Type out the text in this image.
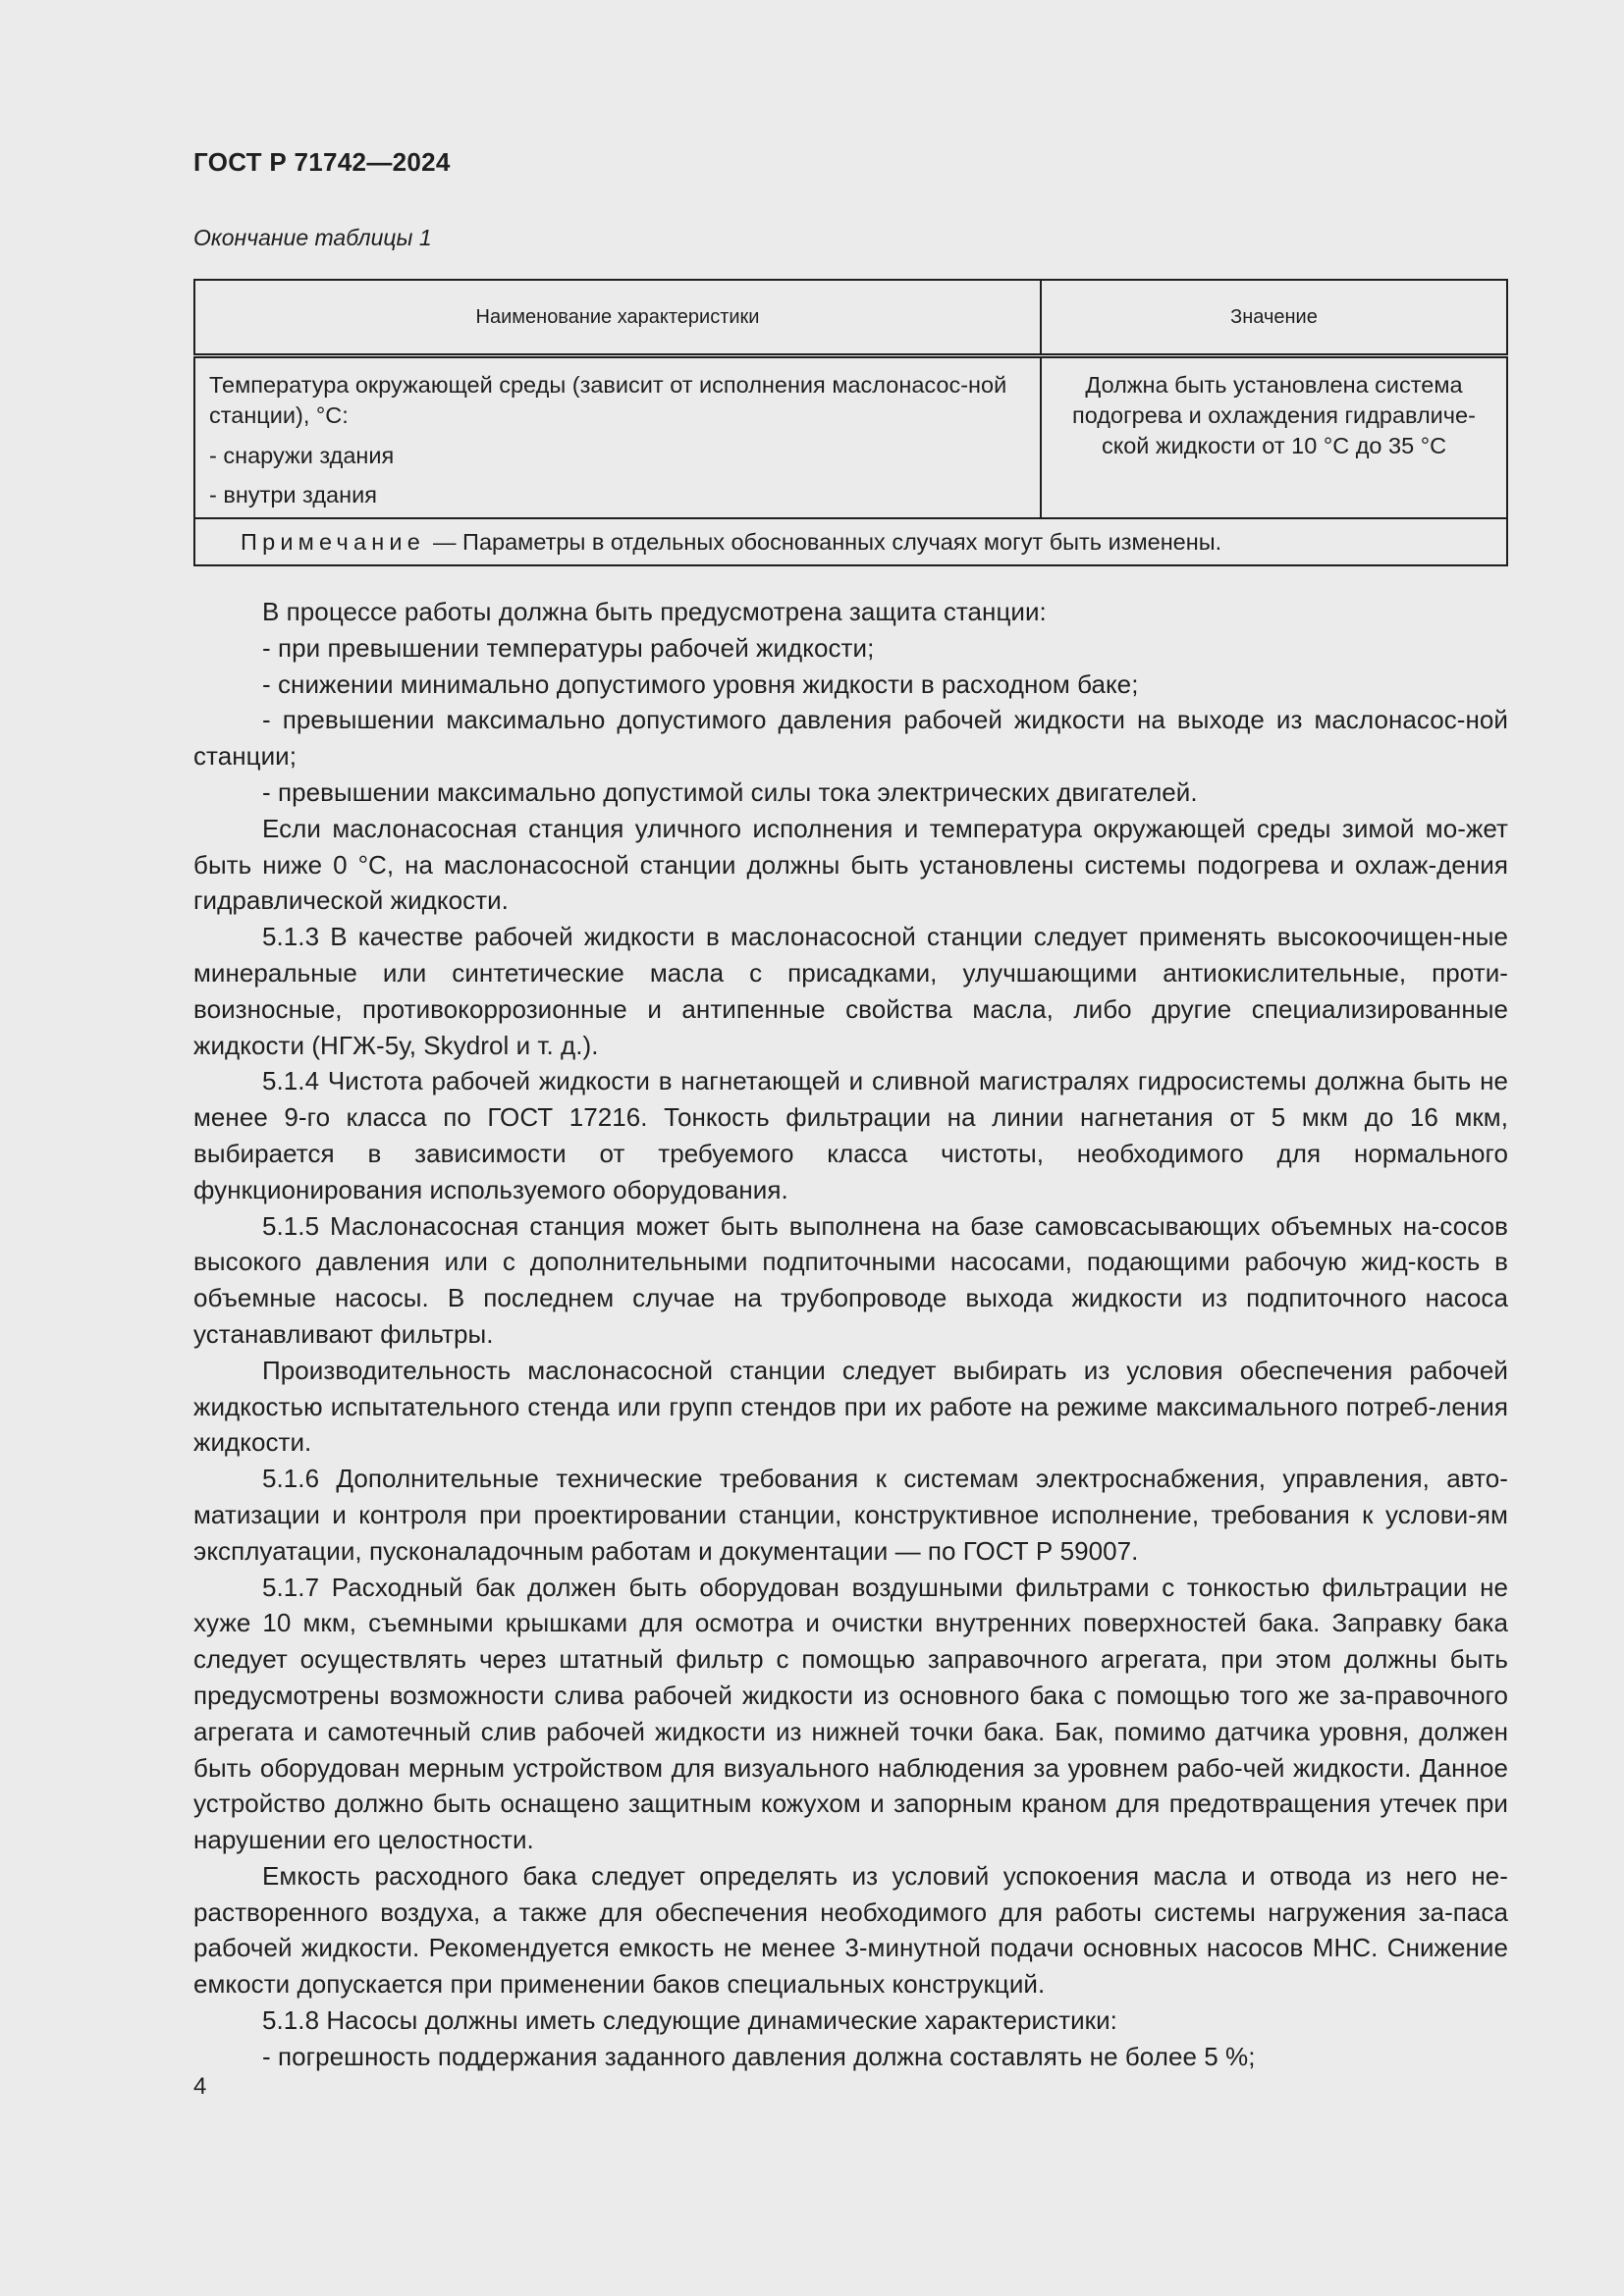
ГОСТ Р 71742—2024

Окончание таблицы 1

Наименование характеристики	Значение
Температура окружающей среды (зависит от исполнения маслонасос-ной станции), °С:
- снаружи здания
- внутри здания	Должна быть установлена система подогрева и охлаждения гидравличе-ской жидкости от 10 °С до 35 °С
Примечание — Параметры в отдельных обоснованных случаях могут быть изменены.	

В процессе работы должна быть предусмотрена защита станции:

- при превышении температуры рабочей жидкости;

- снижении минимально допустимого уровня жидкости в расходном баке;

- превышении максимально допустимого давления рабочей жидкости на выходе из маслонасос-ной станции;

- превышении максимально допустимой силы тока электрических двигателей.

Если маслонасосная станция уличного исполнения и температура окружающей среды зимой мо-жет быть ниже 0 °С, на маслонасосной станции должны быть установлены системы подогрева и охлаж-дения гидравлической жидкости.

5.1.3 В качестве рабочей жидкости в маслонасосной станции следует применять высокоочищен-ные минеральные или синтетические масла с присадками, улучшающими антиокислительные, проти-воизносные, противокоррозионные и антипенные свойства масла, либо другие специализированные жидкости (НГЖ-5у, Skydrol и т. д.).

5.1.4 Чистота рабочей жидкости в нагнетающей и сливной магистралях гидросистемы должна быть не менее 9-го класса по ГОСТ 17216. Тонкость фильтрации на линии нагнетания от 5 мкм до 16 мкм, выбирается в зависимости от требуемого класса чистоты, необходимого для нормального функционирования используемого оборудования.

5.1.5 Маслонасосная станция может быть выполнена на базе самовсасывающих объемных на-сосов высокого давления или с дополнительными подпиточными насосами, подающими рабочую жид-кость в объемные насосы. В последнем случае на трубопроводе выхода жидкости из подпиточного насоса устанавливают фильтры.

Производительность маслонасосной станции следует выбирать из условия обеспечения рабочей жидкостью испытательного стенда или групп стендов при их работе на режиме максимального потреб-ления жидкости.

5.1.6 Дополнительные технические требования к системам электроснабжения, управления, авто-матизации и контроля при проектировании станции, конструктивное исполнение, требования к услови-ям эксплуатации, пусконаладочным работам и документации — по ГОСТ Р 59007.

5.1.7 Расходный бак должен быть оборудован воздушными фильтрами с тонкостью фильтрации не хуже 10 мкм, съемными крышками для осмотра и очистки внутренних поверхностей бака. Заправку бака следует осуществлять через штатный фильтр с помощью заправочного агрегата, при этом должны быть предусмотрены возможности слива рабочей жидкости из основного бака с помощью того же за-правочного агрегата и самотечный слив рабочей жидкости из нижней точки бака. Бак, помимо датчика уровня, должен быть оборудован мерным устройством для визуального наблюдения за уровнем рабо-чей жидкости. Данное устройство должно быть оснащено защитным кожухом и запорным краном для предотвращения утечек при нарушении его целостности.

Емкость расходного бака следует определять из условий успокоения масла и отвода из него не-растворенного воздуха, а также для обеспечения необходимого для работы системы нагружения за-паса рабочей жидкости. Рекомендуется емкость не менее 3-минутной подачи основных насосов МНС. Снижение емкости допускается при применении баков специальных конструкций.

5.1.8 Насосы должны иметь следующие динамические характеристики:

- погрешность поддержания заданного давления должна составлять не более 5 %;

4
